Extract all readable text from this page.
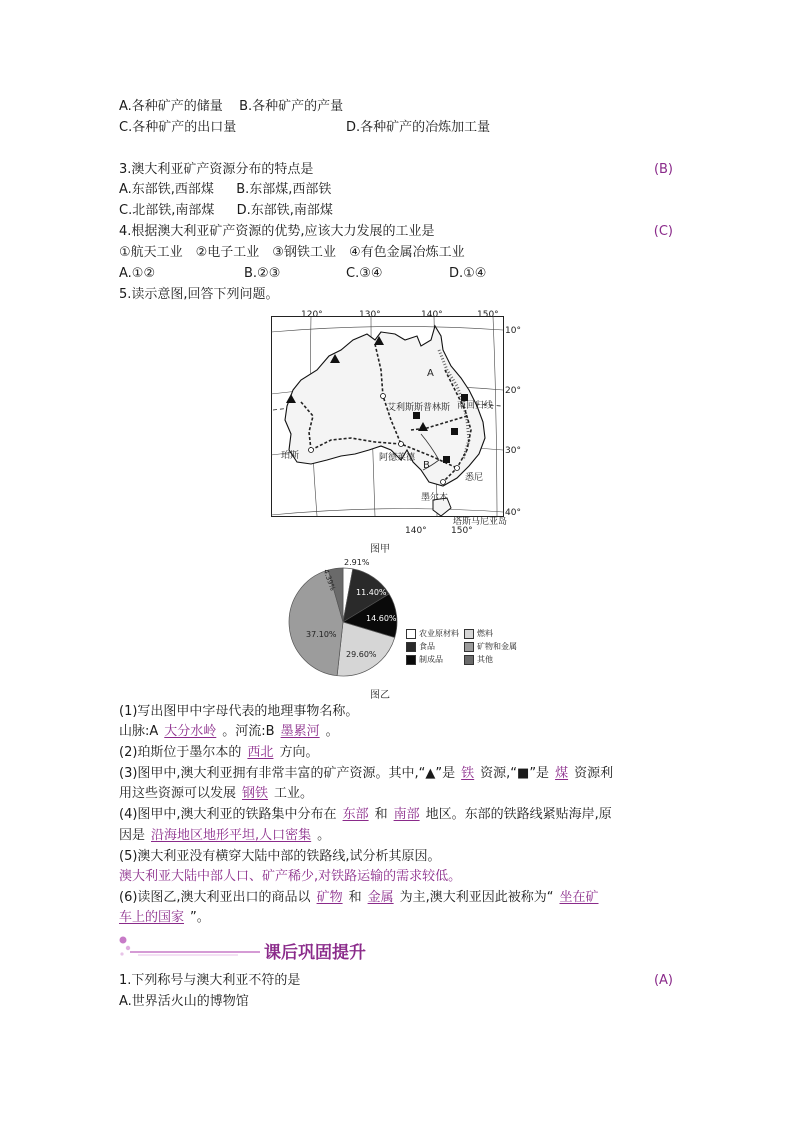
A.各种矿产的储量 B.各种矿产的产量
C.各种矿产的出口量	D.各种矿产的冶炼加工量
3.澳大利亚矿产资源分布的特点是	(B)
A.东部铁,西部煤 B.东部煤,西部铁
C.北部铁,南部煤 D.东部铁,南部煤
4.根据澳大利亚矿产资源的优势,应该大力发展的工业是	(C)
①航天工业　②电子工业　③钢铁工业　④有色金属冶炼工业
A.①②	B.②③	C.③④	D.①④
5.读示意图,回答下列问题。
120°	130°	140°	150°
10°
20°
30°
40°
A
B
艾利斯斯普林斯 南回归线
珀斯	阿德莱德
悉尼
墨尔本
塔斯马尼亚岛
140°	150°
图甲
2.91%
11.40%
14.60%
29.60%
37.10%
4.39%
农业原材料	燃料
食品	矿物和金属
制成品	其他
图乙
(1)写出图甲中字母代表的地理事物名称。
山脉:A 大分水岭 。河流:B 墨累河 。
(2)珀斯位于墨尔本的 西北 方向。
(3)图甲中,澳大利亚拥有非常丰富的矿产资源。其中,“▲”是 铁 资源,“■”是 煤 资源利
用这些资源可以发展 钢铁 工业。
(4)图甲中,澳大利亚的铁路集中分布在 东部 和 南部 地区。东部的铁路线紧贴海岸,原
因是 沿海地区地形平坦,人口密集 。
(5)澳大利亚没有横穿大陆中部的铁路线,试分析其原因。
澳大利亚大陆中部人口、矿产稀少,对铁路运输的需求较低。
(6)读图乙,澳大利亚出口的商品以 矿物 和 金属 为主,澳大利亚因此被称为“ 坐在矿
车上的国家 ”。
课后巩固提升
1.下列称号与澳大利亚不符的是	(A)
A.世界活火山的博物馆
